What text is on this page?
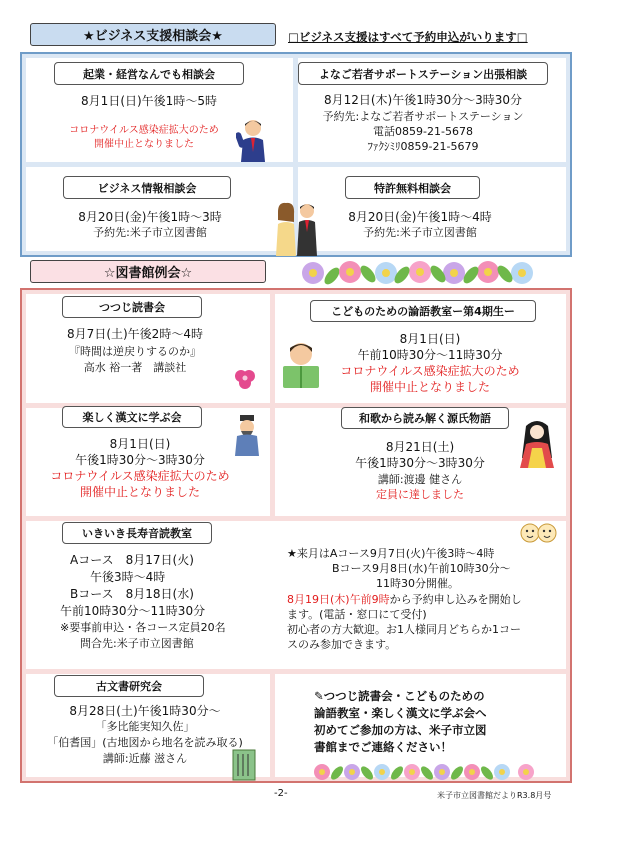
★ビジネス支援相談会★	□ビジネス支援はすべて予約申込がいります□
起業・経営なんでも相談会
8月1日(日)午後1時～5時
コロナウイルス感染症拡大のため
開催中止となりました
よなご若者サポートステーション出張相談
8月12日(木)午後1時30分～3時30分
予約先:よなご若者サポートステーション
電話0859-21-5678
ﾌｧｸｼﾐﾘ0859-21-5679
ビジネス情報相談会
8月20日(金)午後1時～3時
予約先:米子市立図書館
特許無料相談会
8月20日(金)午後1時～4時
予約先:米子市立図書館
☆図書館例会☆
つつじ読書会
8月7日(土)午後2時～4時
『時間は逆戻りするのか』
高水 裕一著　講談社
こどものための論語教室ー第4期生ー
8月1日(日)
午前10時30分～11時30分
コロナウイルス感染症拡大のため
開催中止となりました
楽しく漢文に学ぶ会
8月1日(日)
午後1時30分～3時30分
コロナウイルス感染症拡大のため
開催中止となりました
和歌から読み解く源氏物語
8月21日(土)
午後1時30分～3時30分
講師:渡邊 健さん
定員に達しました
いきいき長寿音読教室
Aコース　8月17日(火)
午後3時～4時
Bコース　8月18日(水)
午前10時30分～11時30分
※要事前申込・各コース定員20名
問合先:米子市立図書館
★来月はAコース9月7日(火)午後3時～4時
Bコース9月8日(水)午前10時30分～
11時30分開催。
8月19日(木)午前9時から予約申し込みを開始し
ます。(電話・窓口にて受付)
初心者の方大歓迎。お1人様同月どちらか1コー
スのみ参加できます。
古文書研究会
8月28日(土)午後1時30分～
「多比能実知久佐」
「伯耆国」(古地図から地名を読み取る)
講師:近藤 滋さん
✎つつじ読書会・こどものための
論語教室・楽しく漢文に学ぶ会へ
初めてご参加の方は、米子市立図
書館までご連絡ください！
-2-	米子市立図書館だよりR3.8月号
